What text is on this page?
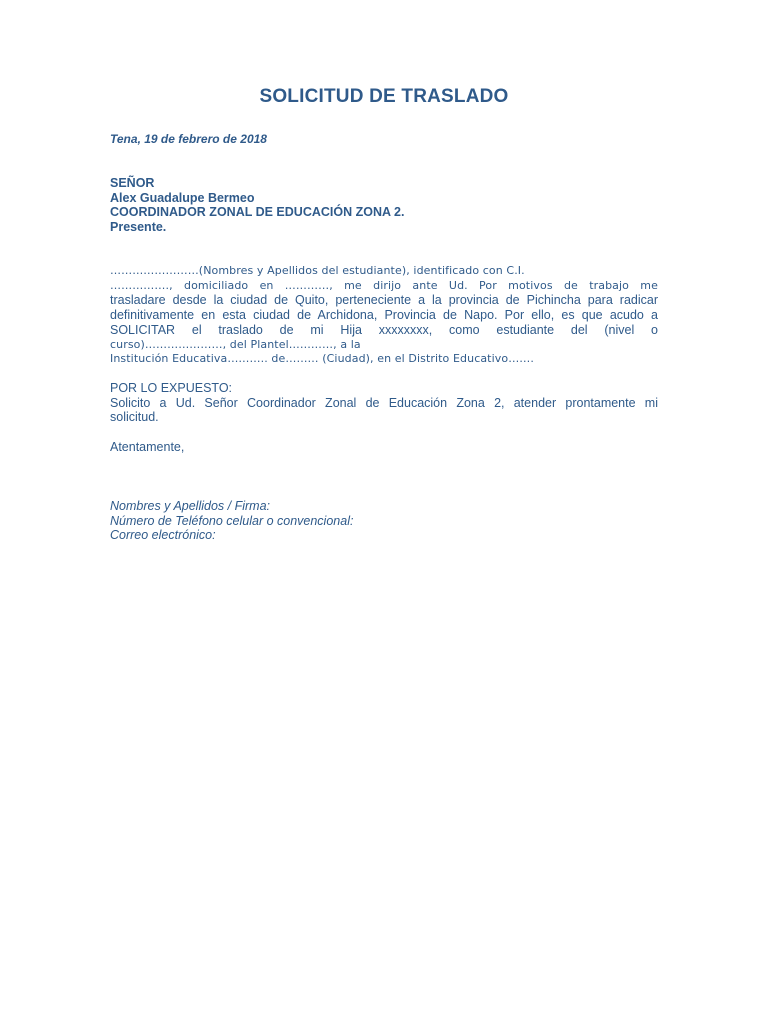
SOLICITUD DE TRASLADO
Tena, 19 de febrero de 2018
SEÑOR
Alex Guadalupe Bermeo
COORDINADOR ZONAL DE EDUCACIÓN ZONA 2.
Presente.
……………………(Nombres y Apellidos del estudiante), identificado con C.I.
……………., domiciliado en …………, me dirijo ante Ud. Por motivos de trabajo me
trasladare desde la ciudad de Quito, perteneciente a la provincia de Pichincha para radicar
definitivamente en esta ciudad de Archidona, Provincia de Napo. Por ello, es que acudo a
SOLICITAR el traslado de mi Hija xxxxxxxx, como estudiante del (nivel o
curso)…………………, del Plantel…………, a la
Institución Educativa……….. de……… (Ciudad), en el Distrito Educativo…….
POR LO EXPUESTO:
Solicito a Ud. Señor Coordinador Zonal de Educación Zona 2, atender prontamente mi
solicitud.
Atentamente,
Nombres y Apellidos / Firma:
Número de Teléfono celular o convencional:
Correo electrónico:
